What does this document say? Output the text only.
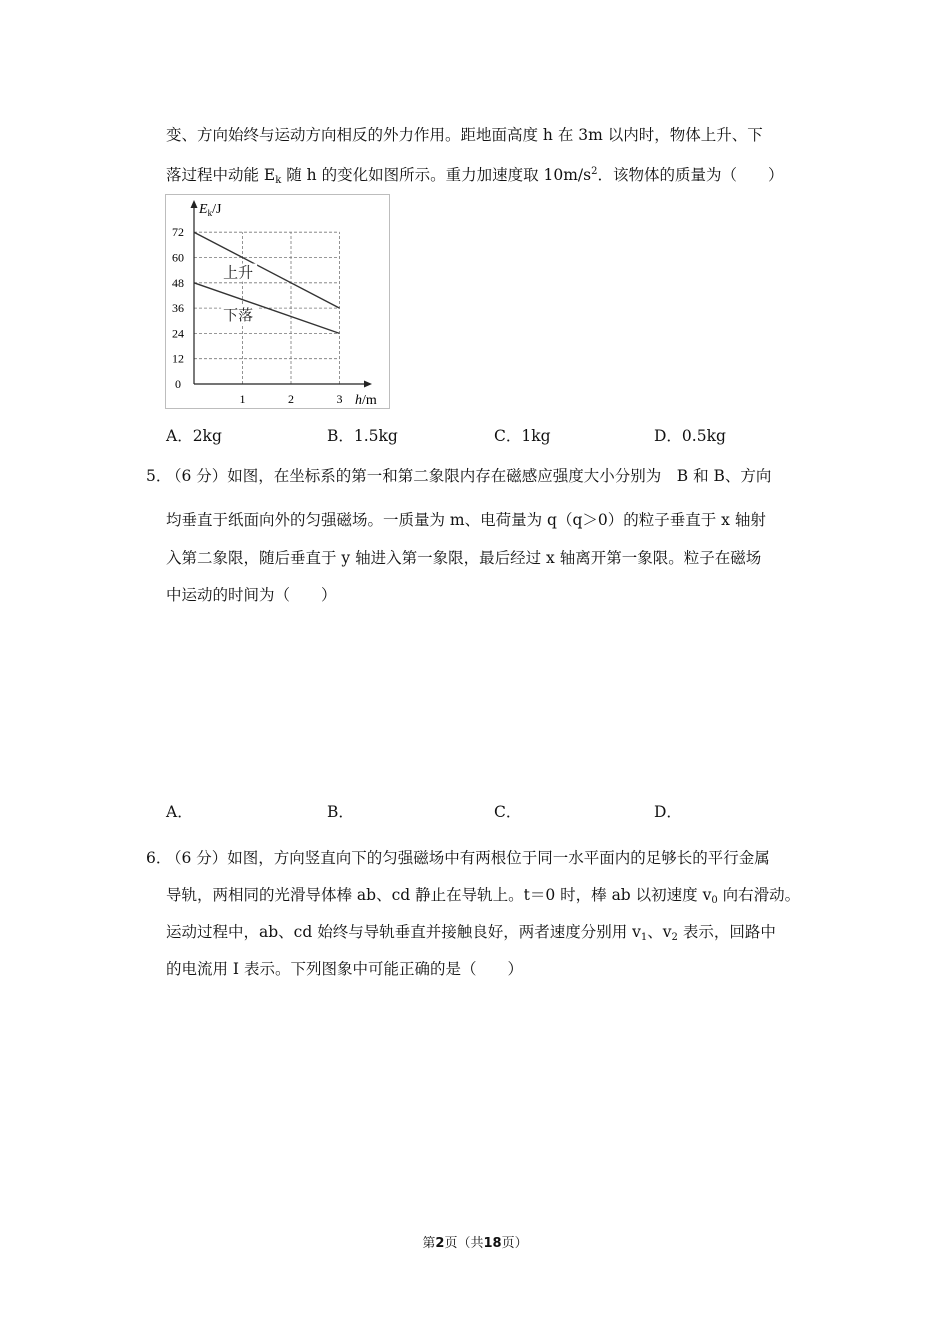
变、方向始终与运动方向相反的外力作用。距地面高度 h 在 3m 以内时，物体上升、下
落过程中动能 $E_k$ 随 h 的变化如图所示。重力加速度取 $10m/s^2$．该物体的质量为（　　）
72
60
48
36
24
12
0
1	2	3
上升
下落
$E_k/J$
h/m
A．2kg	B．1.5kg	C．1kg	D．0.5kg
5．
（6 分）如图，在坐标系的第一和第二象限内存在磁感应强度大小分别为　B 和 B、方向
均垂直于纸面向外的匀强磁场。一质量为 m、电荷量为 q（q＞0）的粒子垂直于 x 轴射
入第二象限，随后垂直于 y 轴进入第一象限，最后经过 x 轴离开第一象限。粒子在磁场
中运动的时间为（　　）
A．	B．	C．	D．
6．
（6 分）如图，方向竖直向下的匀强磁场中有两根位于同一水平面内的足够长的平行金属
导轨，两相同的光滑导体棒 ab、cd 静止在导轨上。t＝0 时，棒 ab 以初速度 $v_0$ 向右滑动。
运动过程中，ab、cd 始终与导轨垂直并接触良好，两者速度分别用 $v_1$、$v_2$ 表示，回路中
的电流用 I 表示。下列图象中可能正确的是（　　）
第2页（共18页）
